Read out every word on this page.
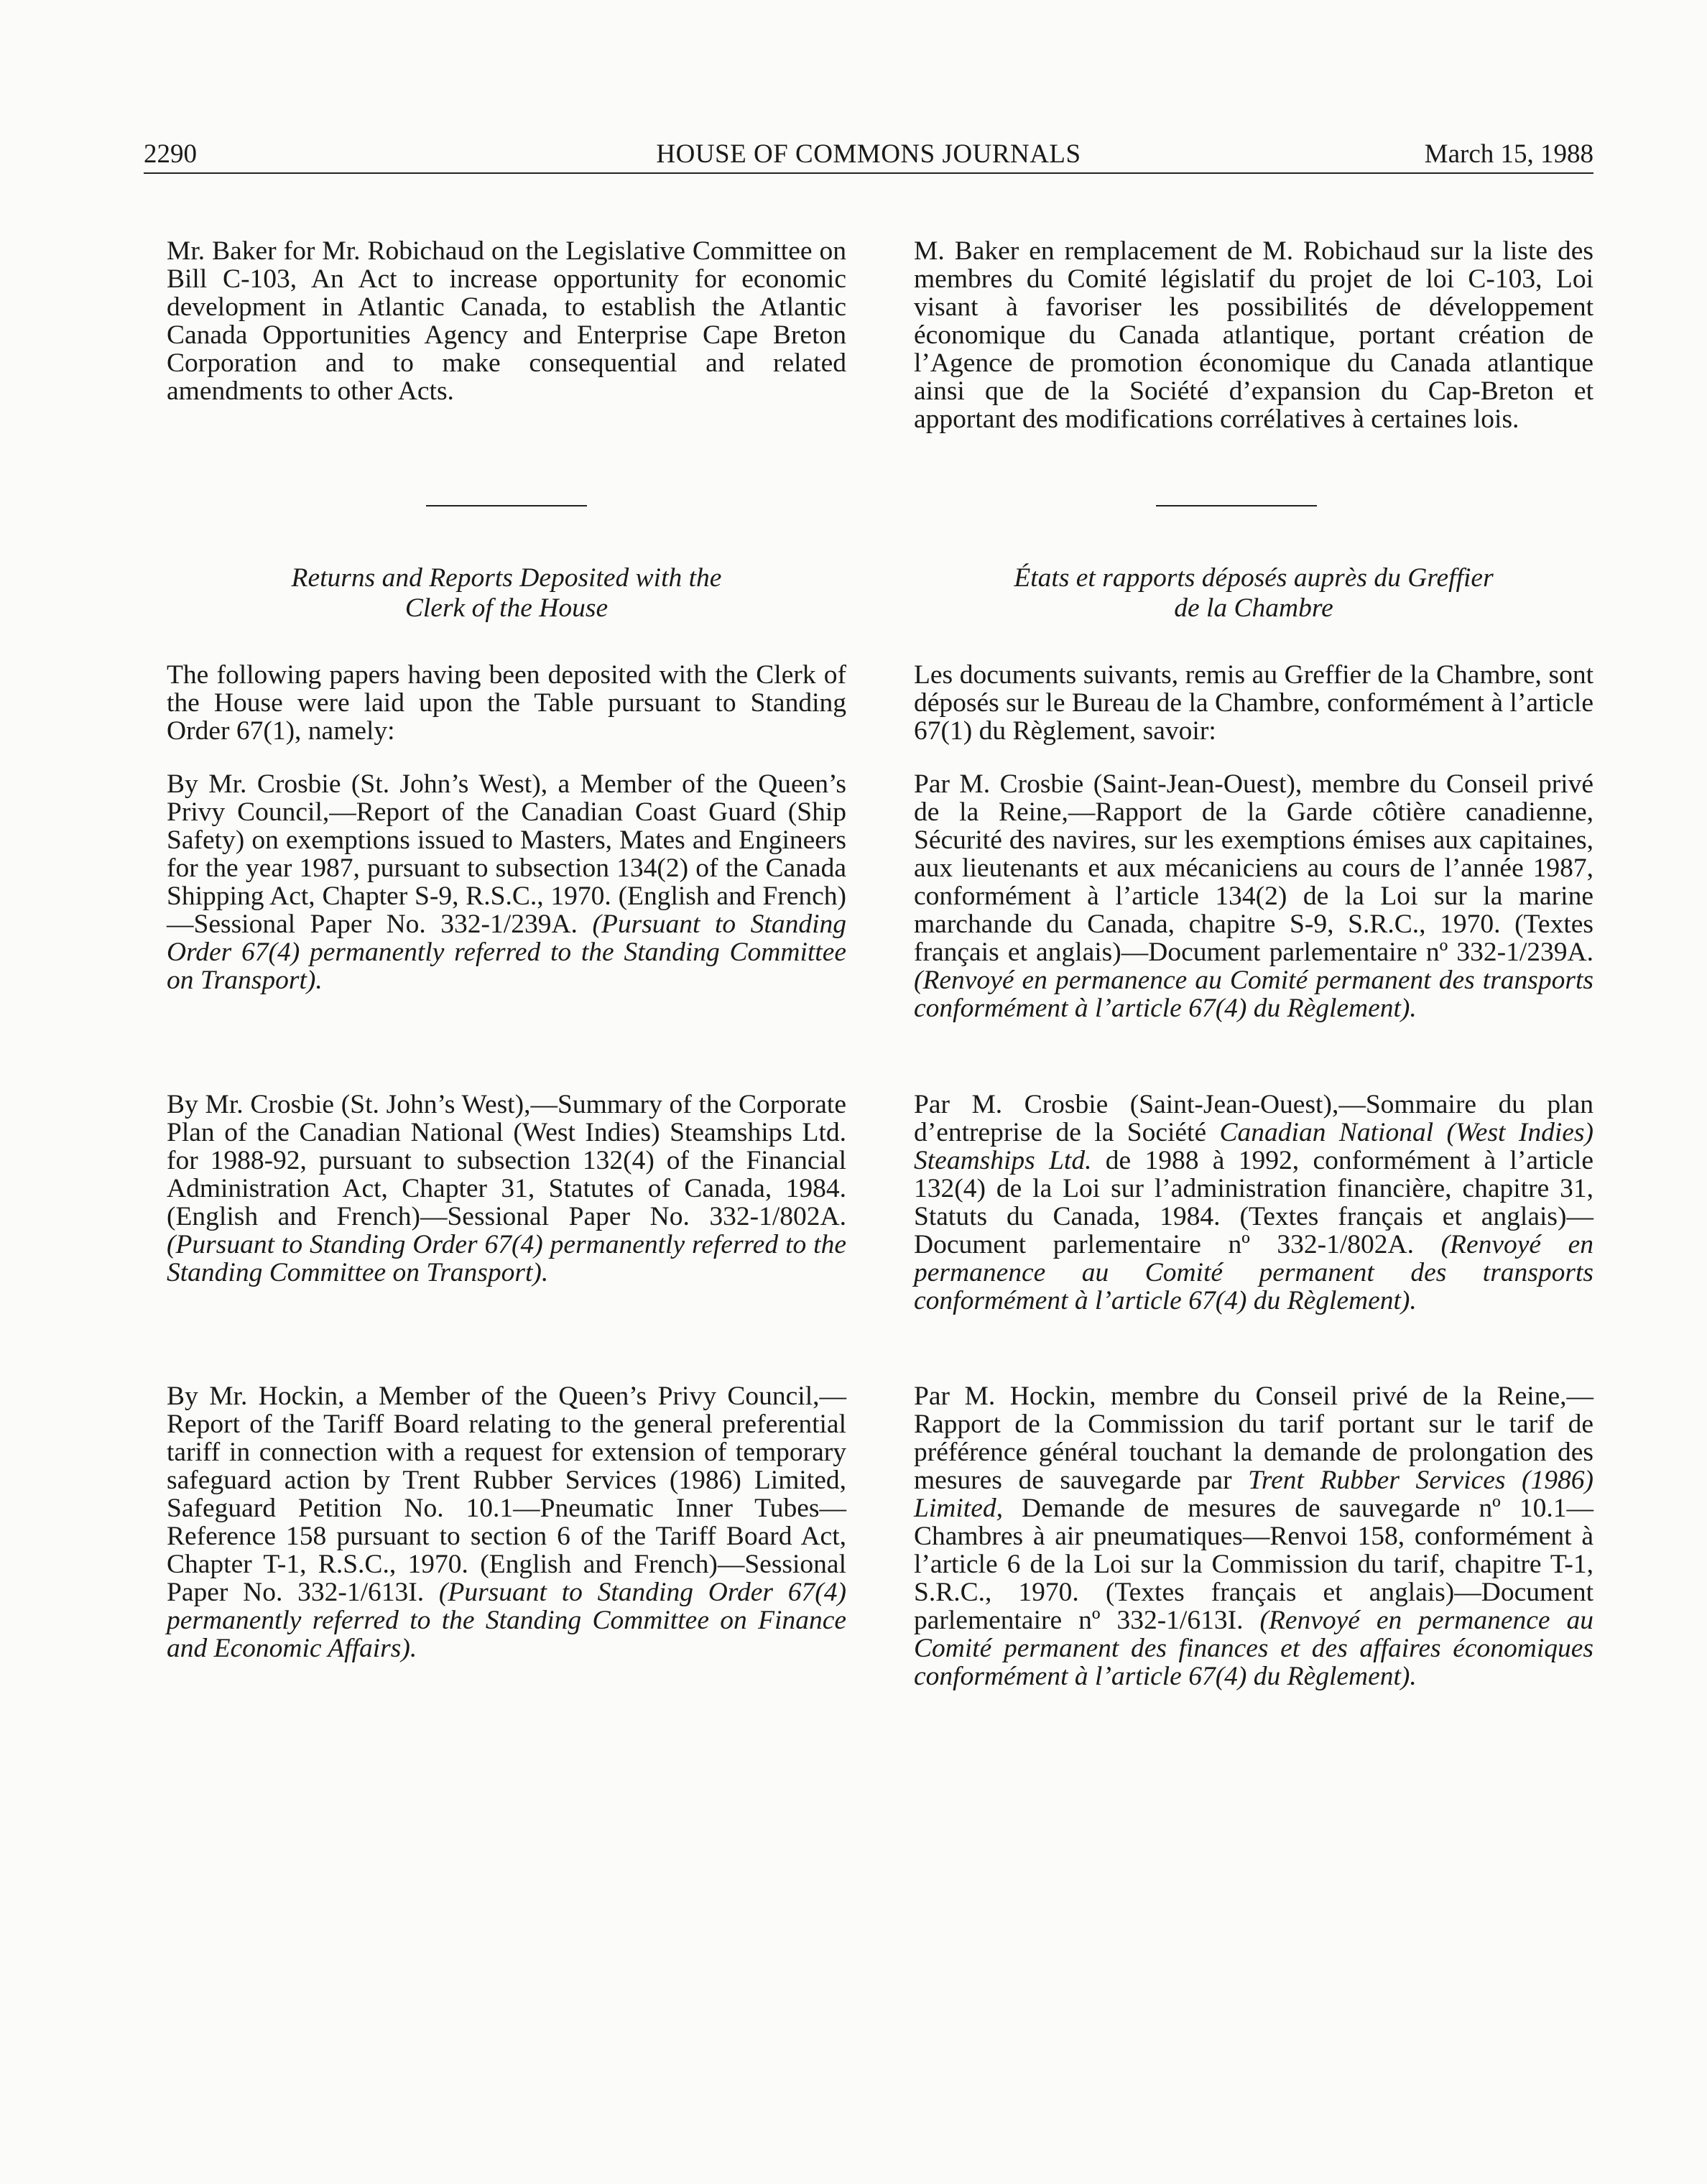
2290	HOUSE OF COMMONS JOURNALS	March 15, 1988

Mr. Baker for Mr. Robichaud on the Legislative Committee on Bill C-103, An Act to increase opportunity for economic development in Atlantic Canada, to establish the Atlantic Canada Opportunities Agency and Enterprise Cape Breton Corporation and to make consequential and related amendments to other Acts.

Returns and Reports Deposited with the
Clerk of the House

The following papers having been deposited with the Clerk of the House were laid upon the Table pursuant to Standing Order 67(1), namely:

By Mr. Crosbie (St. John’s West), a Member of the Queen’s Privy Council,—Report of the Canadian Coast Guard (Ship Safety) on exemptions issued to Masters, Mates and Engineers for the year 1987, pursuant to subsection 134(2) of the Canada Shipping Act, Chapter S-9, R.S.C., 1970. (English and French)—Sessional Paper No. 332-1/239A. (Pursuant to Standing Order 67(4) permanently referred to the Standing Committee on Transport).

By Mr. Crosbie (St. John’s West),—Summary of the Corporate Plan of the Canadian National (West Indies) Steamships Ltd. for 1988-92, pursuant to subsection 132(4) of the Financial Administration Act, Chapter 31, Statutes of Canada, 1984. (English and French)—Sessional Paper No. 332-1/802A. (Pursuant to Standing Order 67(4) permanently referred to the Standing Committee on Transport).

By Mr. Hockin, a Member of the Queen’s Privy Council,—Report of the Tariff Board relating to the general preferential tariff in connection with a request for extension of temporary safeguard action by Trent Rubber Services (1986) Limited, Safeguard Petition No. 10.1—Pneumatic Inner Tubes—Reference 158 pursuant to section 6 of the Tariff Board Act, Chapter T-1, R.S.C., 1970. (English and French)—Sessional Paper No. 332-1/613I. (Pursuant to Standing Order 67(4) permanently referred to the Standing Committee on Finance and Economic Affairs).

M. Baker en remplacement de M. Robichaud sur la liste des membres du Comité législatif du projet de loi C-103, Loi visant à favoriser les possibilités de développement économique du Canada atlantique, portant création de l’Agence de promotion économique du Canada atlantique ainsi que de la Société d’expansion du Cap-Breton et apportant des modifications corrélatives à certaines lois.

États et rapports déposés auprès du Greffier
de la Chambre

Les documents suivants, remis au Greffier de la Chambre, sont déposés sur le Bureau de la Chambre, conformément à l’article 67(1) du Règlement, savoir:

Par M. Crosbie (Saint-Jean-Ouest), membre du Conseil privé de la Reine,—Rapport de la Garde côtière canadienne, Sécurité des navires, sur les exemptions émises aux capitaines, aux lieutenants et aux mécaniciens au cours de l’année 1987, conformément à l’article 134(2) de la Loi sur la marine marchande du Canada, chapitre S-9, S.R.C., 1970. (Textes français et anglais)—Document parlementaire nº 332-1/239A. (Renvoyé en permanence au Comité permanent des transports conformément à l’article 67(4) du Règlement).

Par M. Crosbie (Saint-Jean-Ouest),—Sommaire du plan d’entreprise de la Société Canadian National (West Indies) Steamships Ltd. de 1988 à 1992, conformément à l’article 132(4) de la Loi sur l’administration financière, chapitre 31, Statuts du Canada, 1984. (Textes français et anglais)—Document parlementaire nº 332-1/802A. (Renvoyé en permanence au Comité permanent des transports conformément à l’article 67(4) du Règlement).

Par M. Hockin, membre du Conseil privé de la Reine,—Rapport de la Commission du tarif portant sur le tarif de préférence général touchant la demande de prolongation des mesures de sauvegarde par Trent Rubber Services (1986) Limited, Demande de mesures de sauvegarde nº 10.1—Chambres à air pneumatiques—Renvoi 158, conformément à l’article 6 de la Loi sur la Commission du tarif, chapitre T-1, S.R.C., 1970. (Textes français et anglais)—Document parlementaire nº 332-1/613I. (Renvoyé en permanence au Comité permanent des finances et des affaires économiques conformément à l’article 67(4) du Règlement).
